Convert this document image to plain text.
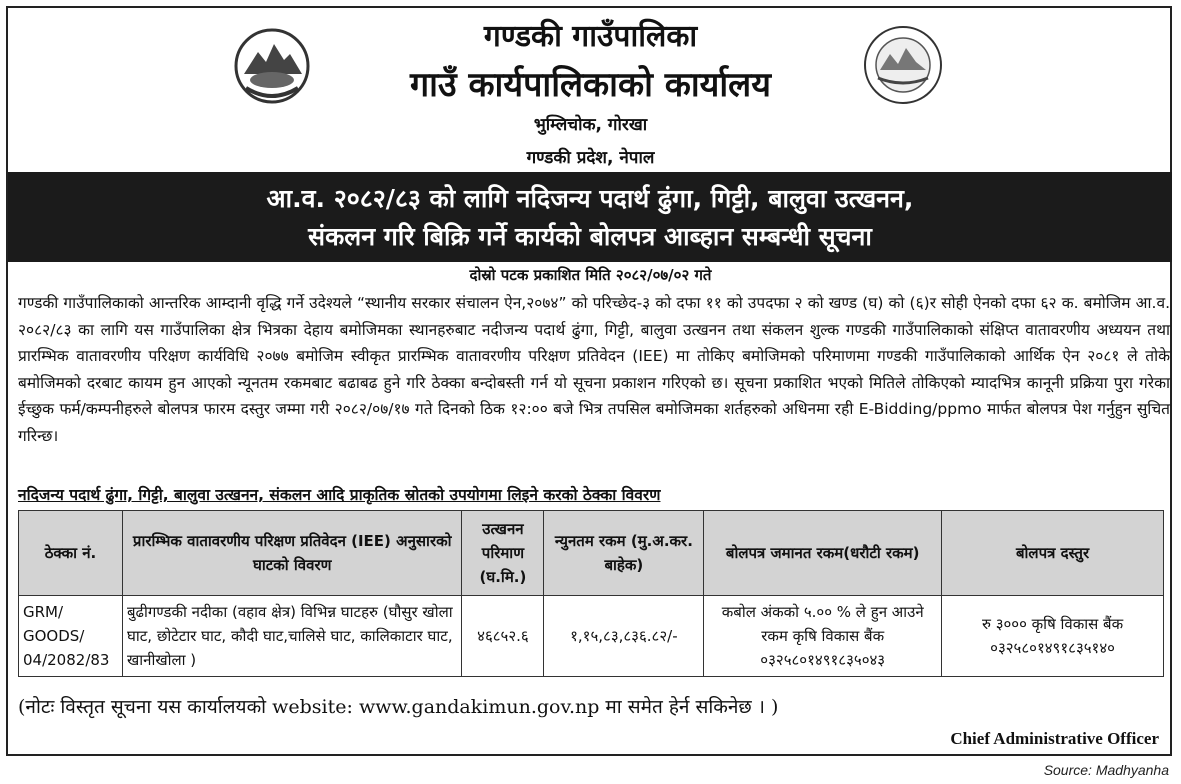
गण्डकी गाउँपालिका
गाउँ कार्यपालिकाको कार्यालय
भुम्लिचोक, गोरखा
गण्डकी प्रदेश, नेपाल
आ.व. २०८२/८३ को लागि नदिजन्य पदार्थ ढुंगा, गिट्टी, बालुवा उत्खनन,
संकलन गरि बिक्रि गर्ने कार्यको बोलपत्र आब्हान सम्बन्धी सूचना
दोस्रो पटक प्रकाशित मिति २०८२/०७/०२ गते
गण्डकी गाउँपालिकाको आन्तरिक आम्दानी वृद्धि गर्ने उदेश्यले “स्थानीय सरकार संचालन ऐन,२०७४” को परिच्छेद-३ को दफा ११ को उपदफा २ को खण्ड (घ) को (६)र सोही ऐनको दफा ६२ क. बमोजिम आ.व. २०८२/८३ का लागि यस गाउँपालिका क्षेत्र भित्रका देहाय बमोजिमका स्थानहरुबाट नदीजन्य पदार्थ ढुंगा, गिट्टी, बालुवा उत्खनन तथा संकलन शुल्क गण्डकी गाउँपालिकाको संक्षिप्त वातावरणीय अध्ययन तथा प्रारम्भिक वातावरणीय परिक्षण कार्यविधि २०७७ बमोजिम स्वीकृत प्रारम्भिक वातावरणीय परिक्षण प्रतिवेदन (IEE) मा तोकिए बमोजिमको परिमाणमा गण्डकी गाउँपालिकाको आर्थिक ऐन २०८१ ले तोके बमोजिमको दरबाट कायम हुन आएको न्यूनतम रकमबाट बढाबढ हुने गरि ठेक्का बन्दोबस्ती गर्न यो सूचना प्रकाशन गरिएको छ। सूचना प्रकाशित भएको मितिले तोकिएको म्यादभित्र कानूनी प्रक्रिया पुरा गरेका ईच्छुक फर्म/कम्पनीहरुले बोलपत्र फारम दस्तुर जम्मा गरी २०८२/०७/१७ गते दिनको ठिक १२:०० बजे भित्र तपसिल बमोजिमका शर्तहरुको अधिनमा रही E-Bidding/ppmo मार्फत बोलपत्र पेश गर्नुहुन सुचित गरिन्छ।
नदिजन्य पदार्थ ढुंगा, गिट्टी, बालुवा उत्खनन, संकलन आदि प्राकृतिक स्रोतको उपयोगमा लिइने करको ठेक्का विवरण
ठेक्का नं.	प्रारम्भिक वातावरणीय परिक्षण प्रतिवेदन (IEE) अनुसारको घाटको विवरण	उत्खनन परिमाण (घ.मि.)	न्युनतम रकम (मु.अ.कर. बाहेक)	बोलपत्र जमानत रकम(धरौटी रकम)	बोलपत्र दस्तुर
GRM/ GOODS/ 04/2082/83	बुढीगण्डकी नदीका (वहाव क्षेत्र) विभिन्न घाटहरु (घौसुर खोला घाट, छोटेटार घाट, कौदी घाट,चालिसे घाट, कालिकाटार घाट, खानीखोला )	४६८५२.६	१,१५,८३,८३६.८२/-	कबोल अंकको ५.०० % ले हुन आउने रकम कृषि विकास बैंक ०३२५८०१४९१८३५०४३	रु ३००० कृषि विकास बैंक ०३२५८०१४९१८३५१४०
(नोटः विस्तृत सूचना यस कार्यालयको website: www.gandakimun.gov.np मा समेत हेर्न सकिनेछ । )
Chief Administrative Officer
Source: Madhyanha
